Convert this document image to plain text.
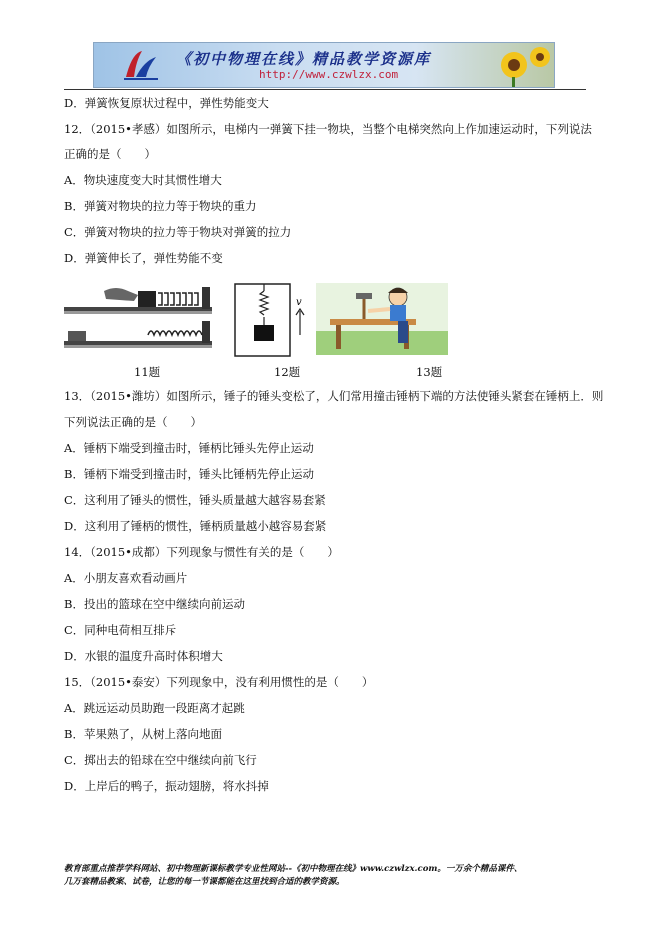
《初中物理在线》精品教学资源库
http://www.czwlzx.com
D．弹簧恢复原状过程中，弹性势能变大
12．（2015•孝感）如图所示，电梯内一弹簧下挂一物块，当整个电梯突然向上作加速运动时，下列说法
正确的是（　　）
A．物块速度变大时其惯性增大
B．弹簧对物块的拉力等于物块的重力
C．弹簧对物块的拉力等于物块对弹簧的拉力
D．弹簧伸长了，弹性势能不变
11题
v
12题	13题
13．（2015•潍坊）如图所示，锤子的锤头变松了，人们常用撞击锤柄下端的方法使锤头紧套在锤柄上．则
下列说法正确的是（　　）
A．锤柄下端受到撞击时，锤柄比锤头先停止运动
B．锤柄下端受到撞击时，锤头比锤柄先停止运动
C．这利用了锤头的惯性，锤头质量越大越容易套紧
D．这利用了锤柄的惯性，锤柄质量越小越容易套紧
14．（2015•成都）下列现象与惯性有关的是（　　）
A．小朋友喜欢看动画片
B．投出的篮球在空中继续向前运动
C．同种电荷相互排斥
D．水银的温度升高时体积增大
15．（2015•泰安）下列现象中，没有利用惯性的是（　　）
A．跳远运动员助跑一段距离才起跳
B．苹果熟了，从树上落向地面
C．掷出去的铅球在空中继续向前飞行
D．上岸后的鸭子，振动翅膀，将水抖掉
教育部重点推荐学科网站、初中物理新课标教学专业性网站--《初中物理在线》www.czwlzx.com。一万余个精品课件、
几万套精品教案、试卷，让您的每一节课都能在这里找到合适的教学资源。
